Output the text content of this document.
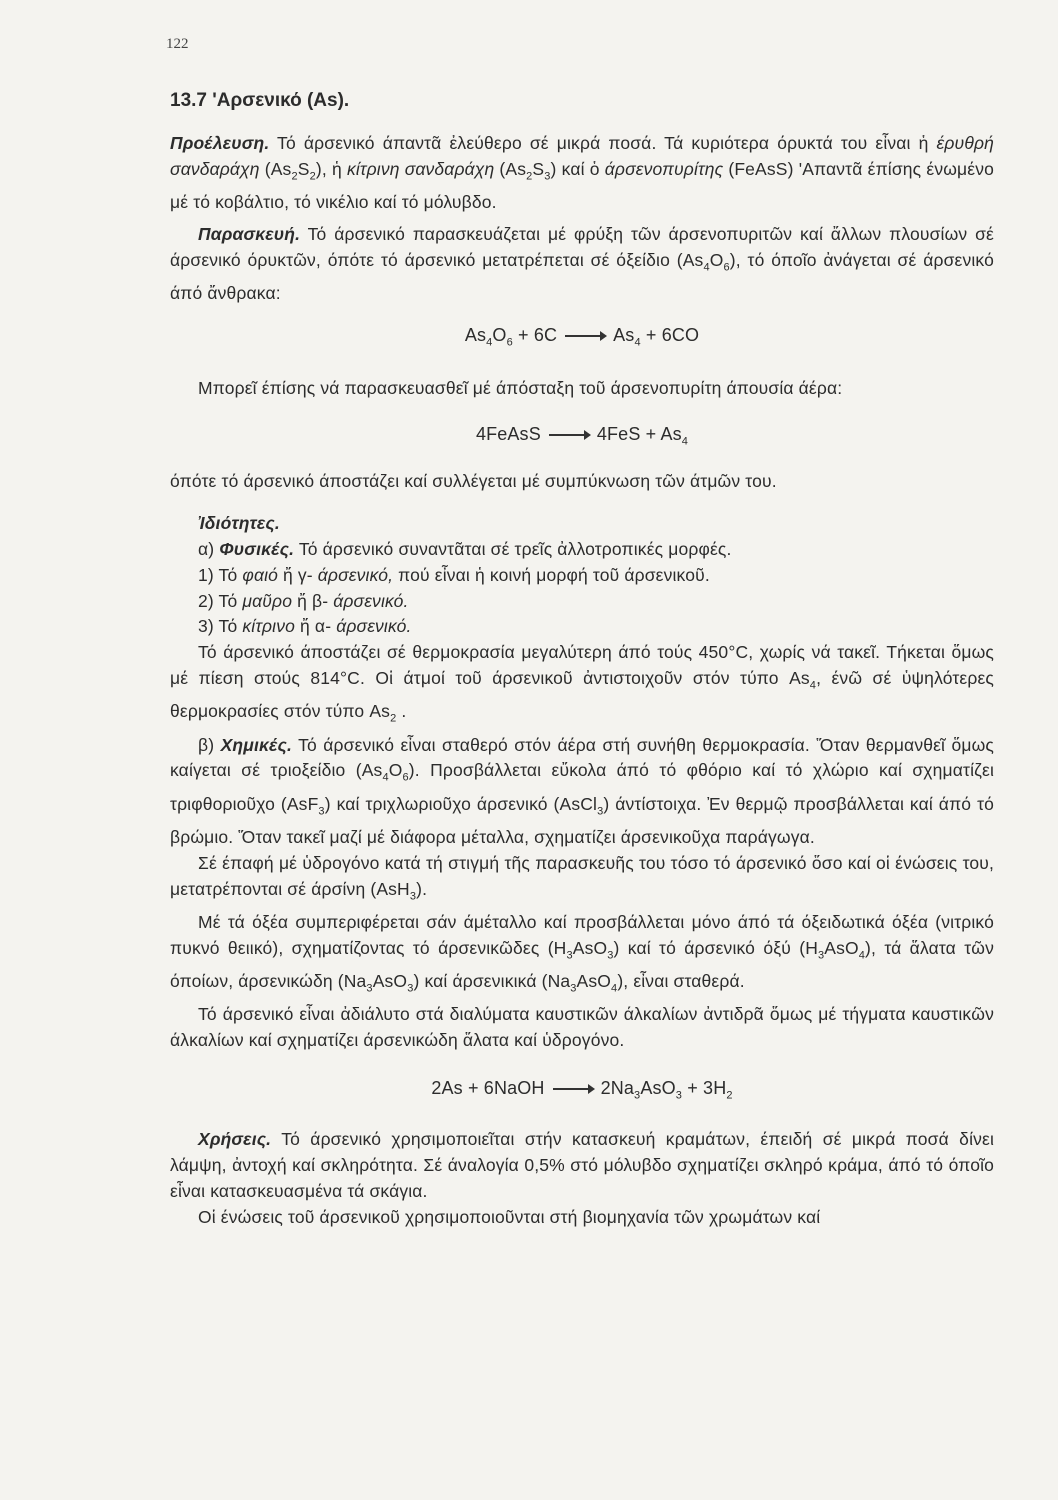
122
13.7 'Αρσενικό (As).

Προέλευση. Τό άρσενικό άπαντᾶ ἐλεύθερο σέ μικρά ποσά. Τά κυριότερα όρυκτά του εἶναι ἡ έρυθρή σανδαράχη $(As_2S_2)$, ἡ κίτρινη σανδαράχη $(As_2S_3)$ καί ὁ άρσενοπυρίτης (FeAsS) 'Απαντᾶ έπίσης ένωμένο μέ τό κοβάλτιο, τό νικέλιο καί τό μόλυβδο.

Παρασκευή. Τό άρσενικό παρασκευάζεται μέ φρύξη τῶν άρσενοπυριτῶν καί ἄλλων πλουσίων σέ άρσενικό όρυκτῶν, όπότε τό άρσενικό μετατρέπεται σέ όξείδιο $(As_4O_6)$, τό όποῖο ἀνάγεται σέ άρσενικό άπό ἄνθρακα:

$As_4O_6 + 6C \to As_4 + 6CO$

Μπορεῖ έπίσης νά παρασκευασθεῖ μέ άπόσταξη τοῦ άρσενοπυρίτη άπουσία άέρα:

4FeAsS → $4FeS + As_4$

όπότε τό άρσενικό άποστάζει καί συλλέγεται μέ συμπύκνωση τῶν άτμῶν του.

Ἰδιότητες.

α) Φυσικές. Τό άρσενικό συναντᾶται σέ τρεῖς ἀλλοτροπικές μορφές.

1) Τό φαιό ἤ γ- άρσενικό, πού εἶναι ἡ κοινή μορφή τοῦ άρσενικοῦ.

2) Τό μαῦρο ἤ β- άρσενικό.

3) Τό κίτρινο ἤ α- άρσενικό.

Τό άρσενικό άποστάζει σέ θερμοκρασία μεγαλύτερη άπό τούς 450°C, χωρίς νά τακεῖ. Τήκεται ὅμως μέ πίεση στούς 814°C. Οἱ άτμοί τοῦ άρσενικοῦ ἀντιστοιχοῦν στόν τύπο $As_4$, ένῶ σέ ὑψηλότερες θερμοκρασίες στόν τύπο $As_2$ .

β) Χημικές. Τό άρσενικό εἶναι σταθερό στόν άέρα στή συνήθη θερμοκρασία. Ὅταν θερμανθεῖ ὅμως καίγεται σέ τριοξείδιο $(As_4O_6)$. Προσβάλλεται εὔκολα άπό τό φθόριο καί τό χλώριο καί σχηματίζει τριφθοριοῦχο (AsF$_3$) καί τριχλωριοῦχο άρσενικό (AsCl$_3$) άντίστοιχα. Ἐν θερμῷ προσβάλλεται καί άπό τό βρώμιο. Ὅταν τακεῖ μαζί μέ διάφορα μέταλλα, σχηματίζει άρσενικοῦχα παράγωγα.

Σέ έπαφή μέ ὑδρογόνο κατά τή στιγμή τῆς παρασκευῆς του τόσο τό άρσενικό ὅσο καί οἱ ένώσεις του, μετατρέπονται σέ άρσίνη (AsH$_3$).

Μέ τά όξέα συμπεριφέρεται σάν άμέταλλο καί προσβάλλεται μόνο άπό τά όξειδωτικά όξέα (νιτρικό πυκνό θειικό), σχηματίζοντας τό άρσενικῶδες $(H_3AsO_3)$ καί τό άρσενικό όξύ $(H_3AsO_4)$, τά ἅλατα τῶν όποίων, άρσενικώδη $(Na_3AsO_3)$ καί άρσενικικά $(Na_3AsO_4)$, εἶναι σταθερά.

Τό άρσενικό εἶναι ἀδιάλυτο στά διαλύματα καυστικῶν άλκαλίων ἀντιδρᾶ ὅμως μέ τήγματα καυστικῶν άλκαλίων καί σχηματίζει άρσενικώδη ἅλατα καί ὑδρογόνο.

2As + 6NaOH → $2Na_3AsO_3 + 3H_2$

Χρήσεις. Τό άρσενικό χρησιμοποιεῖται στήν κατασκευή κραμάτων, έπειδή σέ μικρά ποσά δίνει λάμψη, ἀντοχή καί σκληρότητα. Σέ άναλογία 0,5% στό μόλυβδο σχηματίζει σκληρό κράμα, άπό τό όποῖο εἶναι κατασκευασμένα τά σκάγια.

Οἱ ένώσεις τοῦ άρσενικοῦ χρησιμοποιοῦνται στή βιομηχανία τῶν χρωμάτων καί
